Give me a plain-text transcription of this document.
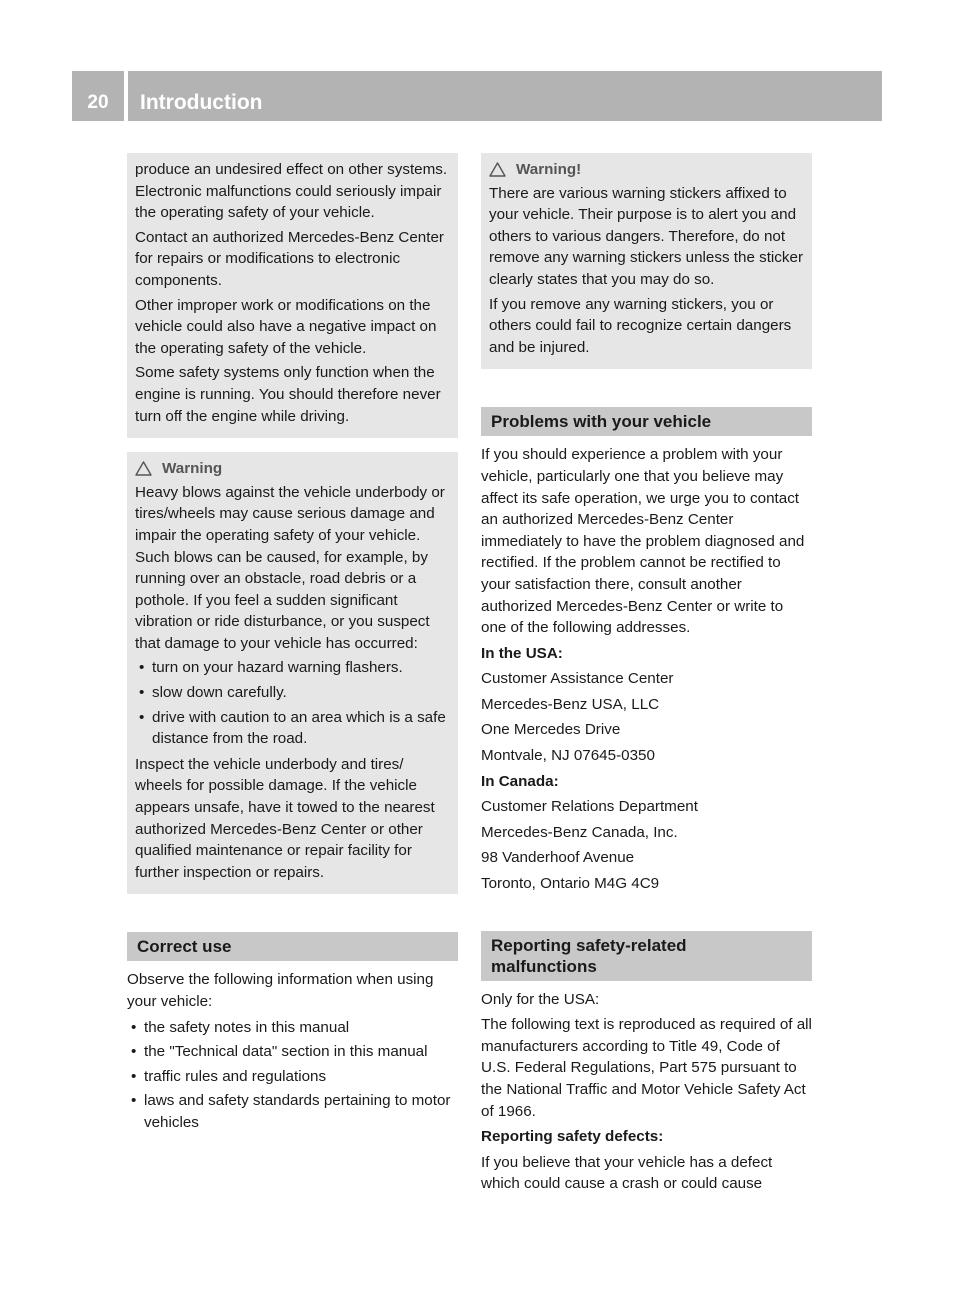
20	Introduction

produce an undesired effect on other systems. Electronic malfunctions could seriously impair the operating safety of your vehicle.

Contact an authorized Mercedes-Benz Center for repairs or modifications to electronic components.

Other improper work or modifications on the vehicle could also have a negative impact on the operating safety of the vehicle.

Some safety systems only function when the engine is running. You should therefore never turn off the engine while driving.

Warning

Heavy blows against the vehicle underbody or tires/wheels may cause serious damage and impair the operating safety of your vehicle. Such blows can be caused, for example, by running over an obstacle, road debris or a pothole. If you feel a sudden significant vibration or ride disturbance, or you suspect that damage to your vehicle has occurred:

• turn on your hazard warning flashers.
• slow down carefully.
• drive with caution to an area which is a safe distance from the road.

Inspect the vehicle underbody and tires/ wheels for possible damage. If the vehicle appears unsafe, have it towed to the nearest authorized Mercedes-Benz Center or other qualified maintenance or repair facility for further inspection or repairs.

Correct use

Observe the following information when using your vehicle:

• the safety notes in this manual
• the "Technical data" section in this manual
• traffic rules and regulations
• laws and safety standards pertaining to motor vehicles
Warning!

There are various warning stickers affixed to your vehicle. Their purpose is to alert you and others to various dangers. Therefore, do not remove any warning stickers unless the sticker clearly states that you may do so.

If you remove any warning stickers, you or others could fail to recognize certain dangers and be injured.

Problems with your vehicle

If you should experience a problem with your vehicle, particularly one that you believe may affect its safe operation, we urge you to contact an authorized Mercedes-Benz Center immediately to have the problem diagnosed and rectified. If the problem cannot be rectified to your satisfaction there, consult another authorized Mercedes-Benz Center or write to one of the following addresses.

In the USA:

Customer Assistance Center

Mercedes-Benz USA, LLC

One Mercedes Drive

Montvale, NJ 07645-0350

In Canada:

Customer Relations Department

Mercedes-Benz Canada, Inc.

98 Vanderhoof Avenue

Toronto, Ontario M4G 4C9

Reporting safety-related
malfunctions

Only for the USA:

The following text is reproduced as required of all manufacturers according to Title 49, Code of U.S. Federal Regulations, Part 575 pursuant to the National Traffic and Motor Vehicle Safety Act of 1966.

Reporting safety defects:

If you believe that your vehicle has a defect which could cause a crash or could cause
